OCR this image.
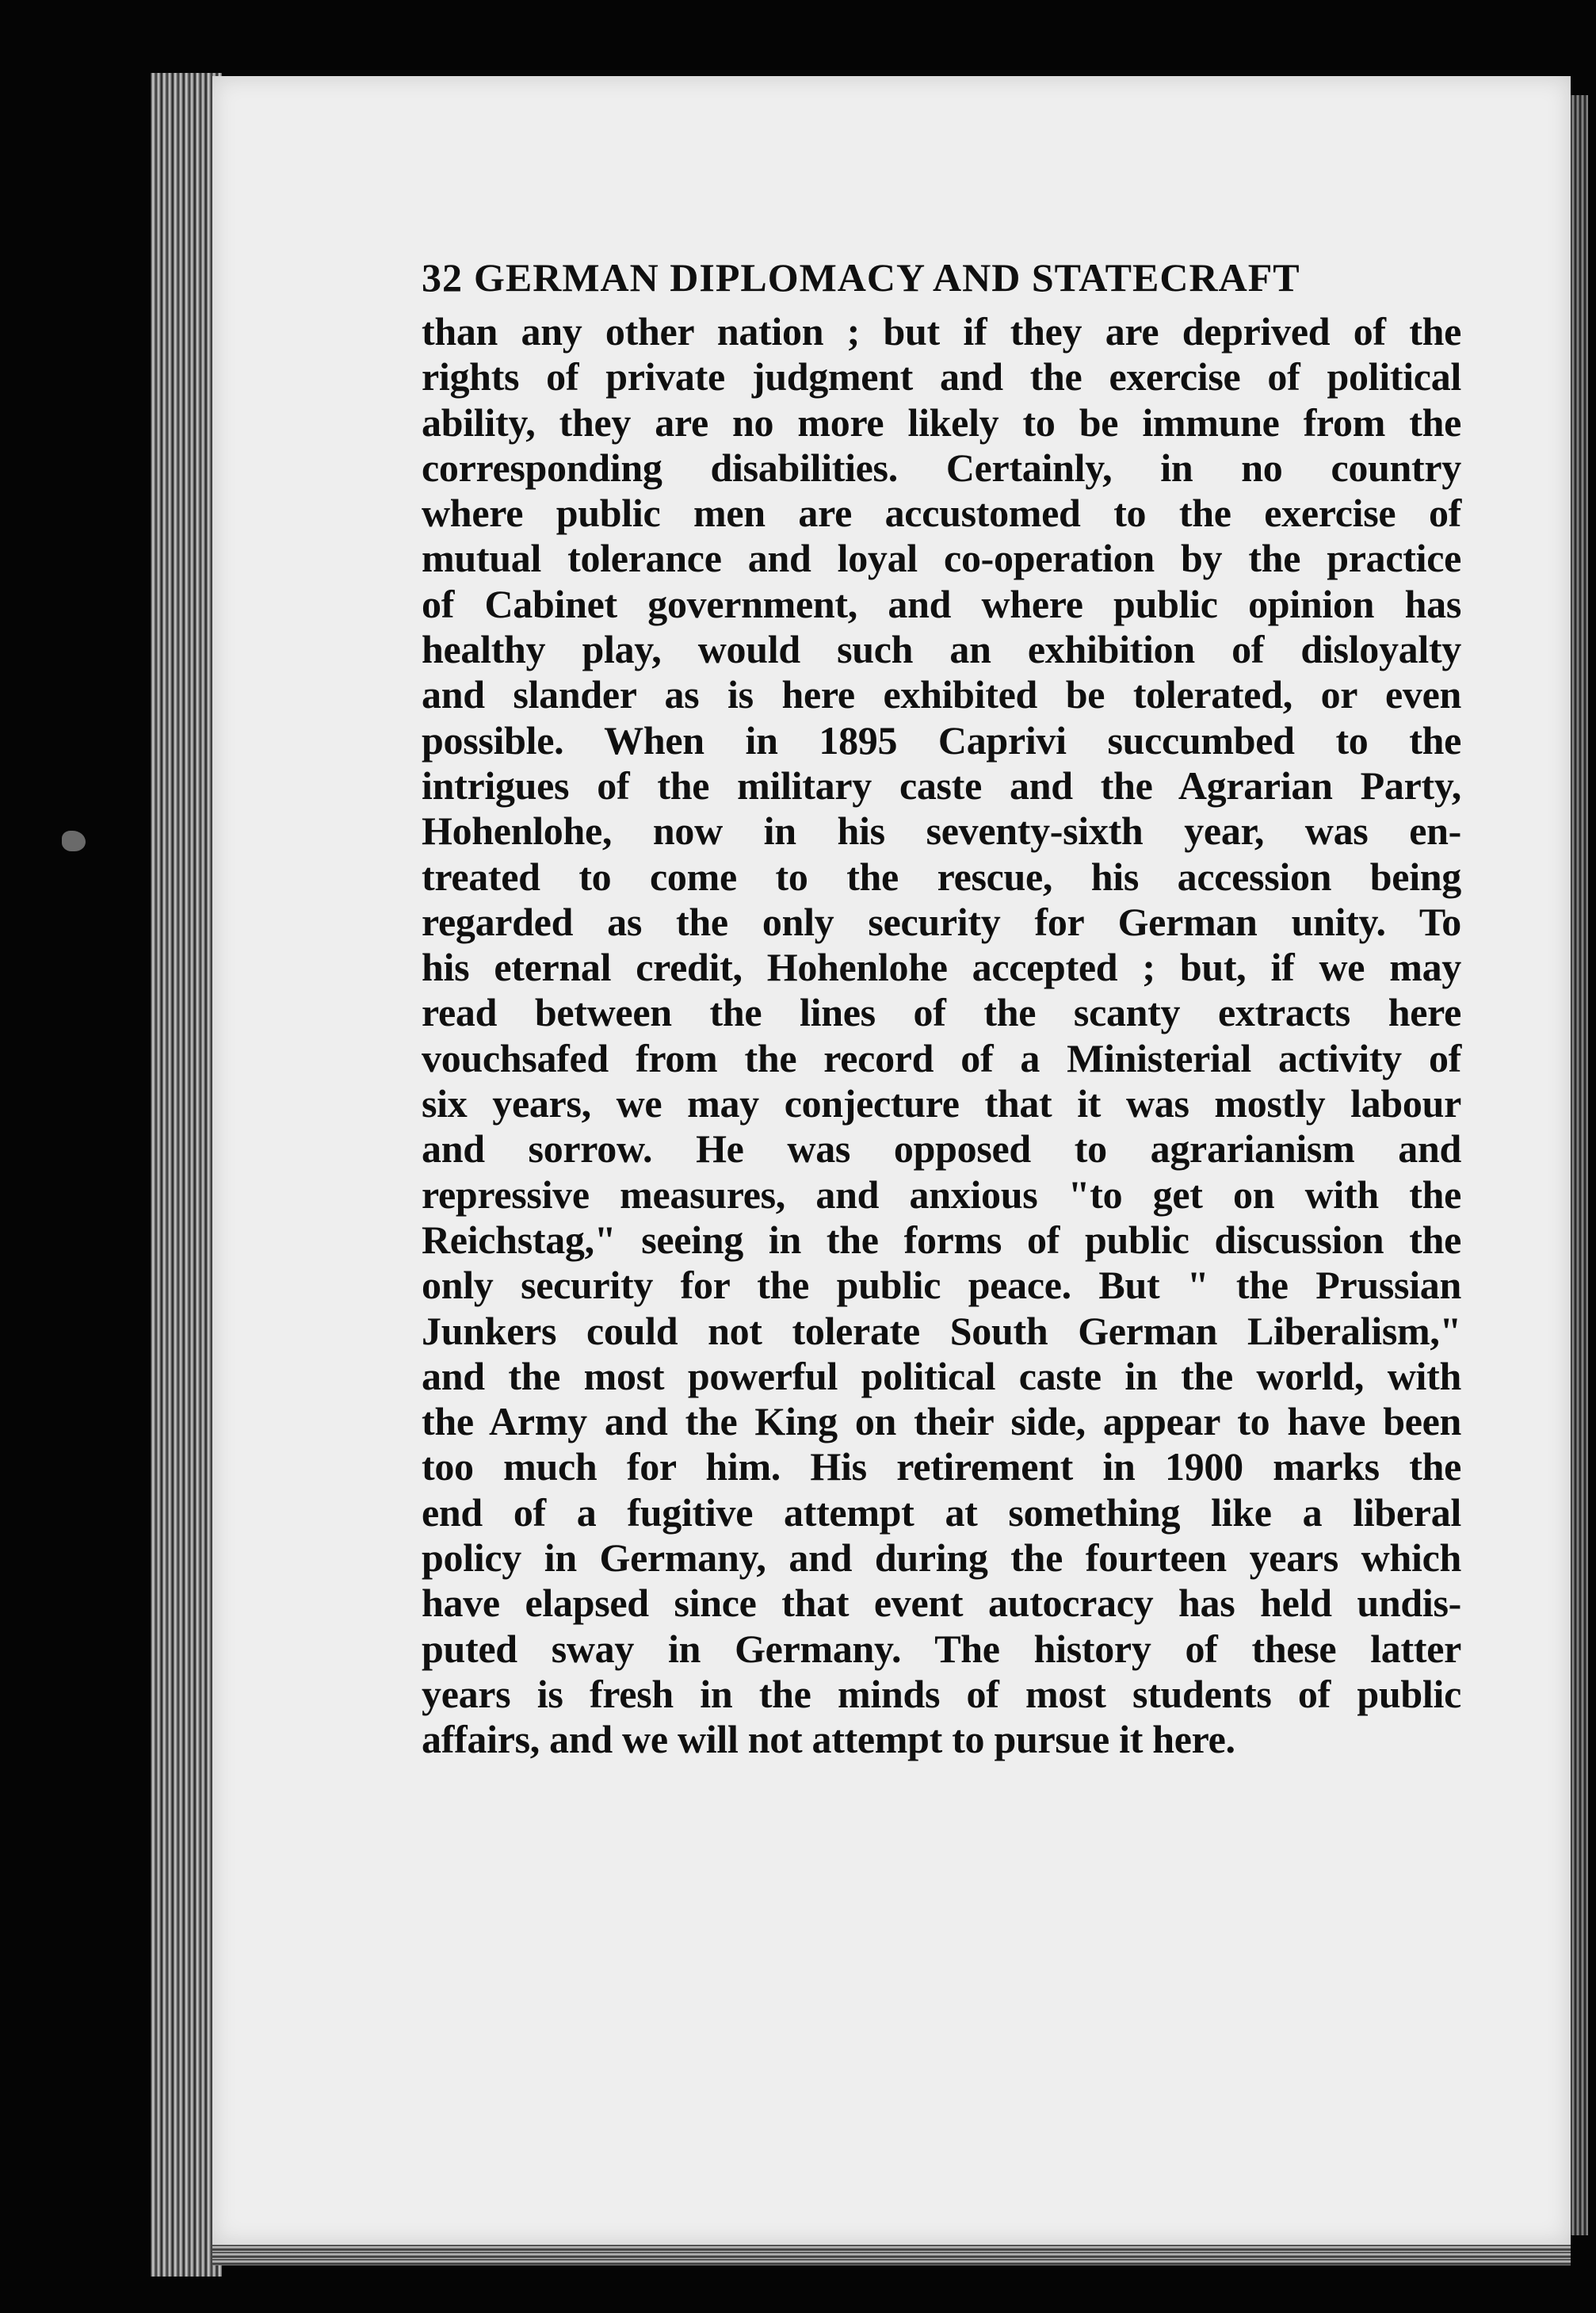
32 GERMAN DIPLOMACY AND STATECRAFT
than any other nation ; but if they are deprived of the
rights of private judgment and the exercise of political
ability, they are no more likely to be immune from the
corresponding disabilities. Certainly, in no country
where public men are accustomed to the exercise of
mutual tolerance and loyal co-operation by the practice
of Cabinet government, and where public opinion has
healthy play, would such an exhibition of disloyalty
and slander as is here exhibited be tolerated, or even
possible. When in 1895 Caprivi succumbed to the
intrigues of the military caste and the Agrarian Party,
Hohenlohe, now in his seventy-sixth year, was en-
treated to come to the rescue, his accession being
regarded as the only security for German unity. To
his eternal credit, Hohenlohe accepted ; but, if we may
read between the lines of the scanty extracts here
vouchsafed from the record of a Ministerial activity of
six years, we may conjecture that it was mostly labour
and sorrow. He was opposed to agrarianism and
repressive measures, and anxious "to get on with the
Reichstag," seeing in the forms of public discussion the
only security for the public peace. But " the Prussian
Junkers could not tolerate South German Liberalism,"
and the most powerful political caste in the world, with
the Army and the King on their side, appear to have been
too much for him. His retirement in 1900 marks the
end of a fugitive attempt at something like a liberal
policy in Germany, and during the fourteen years which
have elapsed since that event autocracy has held undis-
puted sway in Germany. The history of these latter
years is fresh in the minds of most students of public
affairs, and we will not attempt to pursue it here.
